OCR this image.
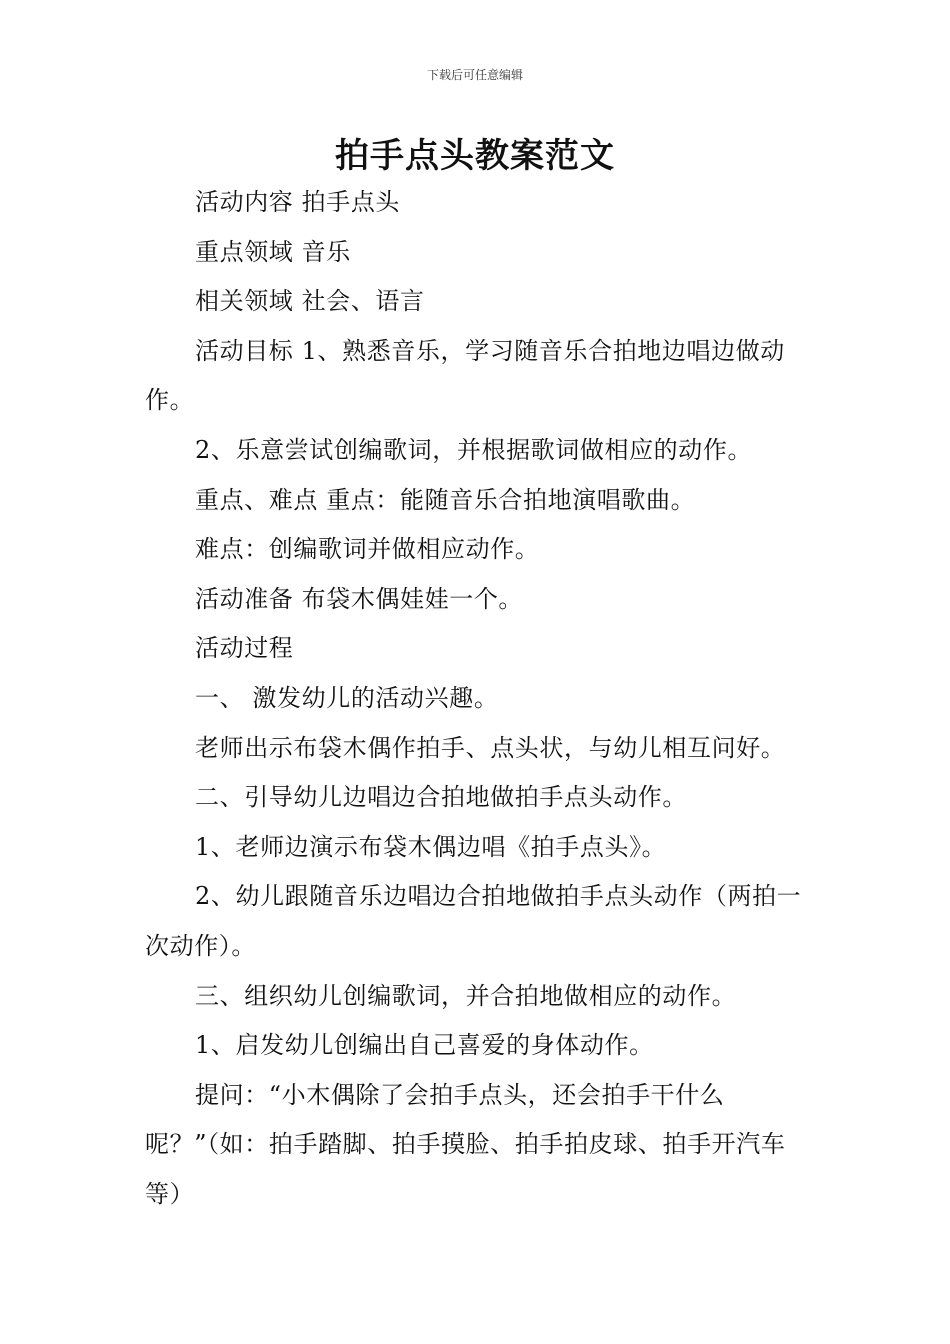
下载后可任意编辑
拍手点头教案范文

活动内容 拍手点头

重点领域 音乐

相关领域 社会、语言

活动目标 1、熟悉音乐，学习随音乐合拍地边唱边做动作。

2、乐意尝试创编歌词，并根据歌词做相应的动作。

重点、难点 重点：能随音乐合拍地演唱歌曲。

难点：创编歌词并做相应动作。

活动准备 布袋木偶娃娃一个。

活动过程

一、 激发幼儿的活动兴趣。

老师出示布袋木偶作拍手、点头状，与幼儿相互问好。

二、引导幼儿边唱边合拍地做拍手点头动作。

1、老师边演示布袋木偶边唱《拍手点头》。

2、幼儿跟随音乐边唱边合拍地做拍手点头动作（两拍一次动作）。

三、组织幼儿创编歌词，并合拍地做相应的动作。

1、启发幼儿创编出自己喜爱的身体动作。

提问：“小木偶除了会拍手点头，还会拍手干什么呢？”（如：拍手踏脚、拍手摸脸、拍手拍皮球、拍手开汽车等）
